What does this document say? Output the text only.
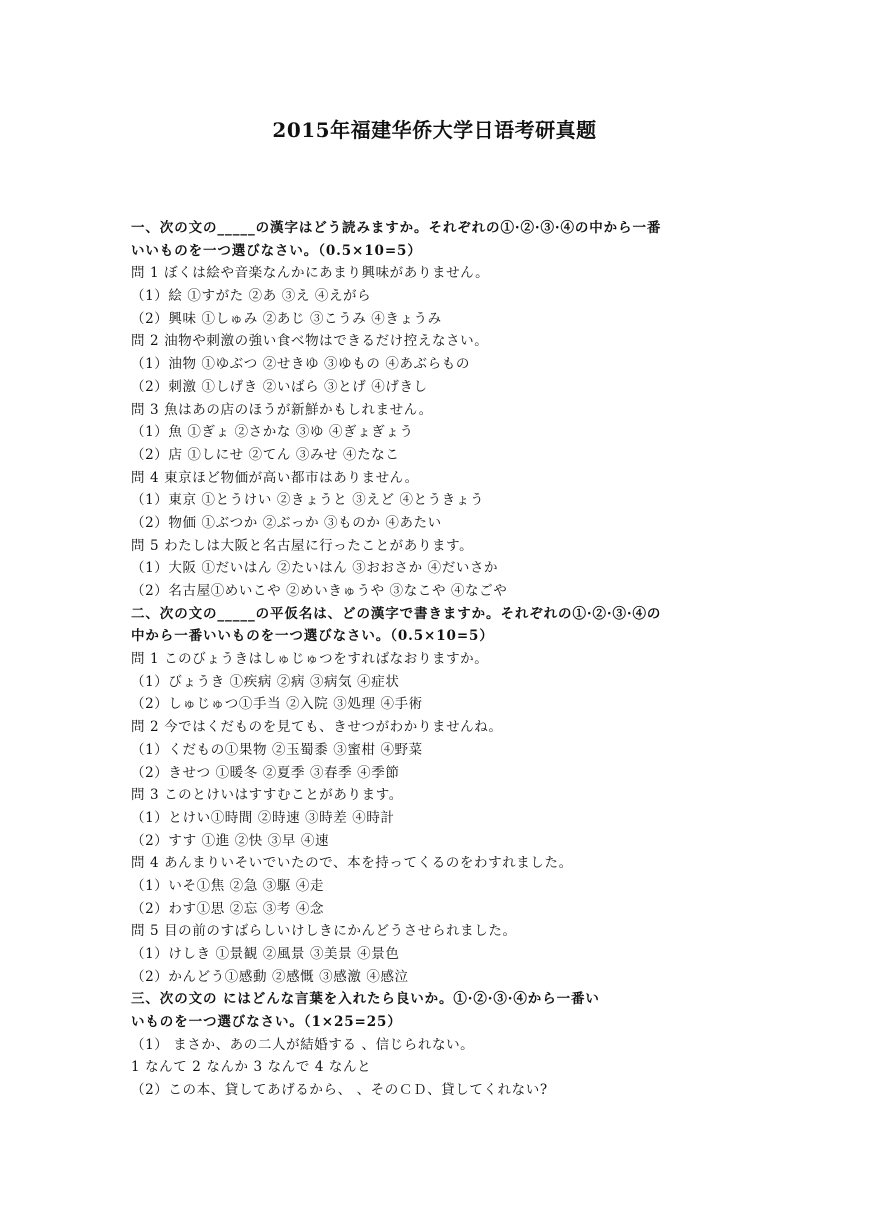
2015年福建华侨大学日语考研真题
一、次の文の_____の漢字はどう読みますか。それぞれの①·②·③·④の中から一番
いいものを一つ選びなさい。（0.5×10=5）
問 1 ぼくは絵や音楽なんかにあまり興味がありません。
（1）絵 ①すがた ②あ ③え ④えがら
（2）興味 ①しゅみ ②あじ ③こうみ ④きょうみ
問 2 油物や刺激の強い食べ物はできるだけ控えなさい。
（1）油物 ①ゆぶつ ②せきゆ ③ゆもの ④あぶらもの
（2）刺激 ①しげき ②いばら ③とげ ④げきし
問 3 魚はあの店のほうが新鮮かもしれません。
（1）魚 ①ぎょ ②さかな ③ゆ ④ぎょぎょう
（2）店 ①しにせ ②てん ③みせ ④たなこ
問 4 東京ほど物価が高い都市はありません。
（1）東京 ①とうけい ②きょうと ③えど ④とうきょう
（2）物価 ①ぶつか ②ぶっか ③ものか ④あたい
問 5 わたしは大阪と名古屋に行ったことがあります。
（1）大阪 ①だいはん ②たいはん ③おおさか ④だいさか
（2）名古屋①めいこや ②めいきゅうや ③なこや ④なごや
二、次の文の_____の平仮名は、どの漢字で書きますか。それぞれの①·②·③·④の
中から一番いいものを一つ選びなさい。（0.5×10=5）
問 1 このびょうきはしゅじゅつをすればなおりますか。
（1）びょうき ①疾病 ②病 ③病気 ④症状
（2）しゅじゅつ①手当 ②入院 ③処理 ④手術
問 2 今ではくだものを見ても、きせつがわかりませんね。
（1）くだもの①果物 ②玉蜀黍 ③蜜柑 ④野菜
（2）きせつ ①暖冬 ②夏季 ③春季 ④季節
問 3 このとけいはすすむことがあります。
（1）とけい①時間 ②時速 ③時差 ④時計
（2）すす ①進 ②快 ③早 ④速
問 4 あんまりいそいでいたので、本を持ってくるのをわすれました。
（1）いそ①焦 ②急 ③駆 ④走
（2）わす①思 ②忘 ③考 ④念
問 5 目の前のすばらしいけしきにかんどうさせられました。
（1）けしき ①景観 ②風景 ③美景 ④景色
（2）かんどう①感動 ②感慨 ③感激 ④感泣
三、次の文の にはどんな言葉を入れたら良いか。①·②·③·④から一番い
いものを一つ選びなさい。（1×25=25）
（1） まさか、あの二人が結婚する 、信じられない。
1 なんて 2 なんか 3 なんで 4 なんと
（2）この本、貸してあげるから、 、そのＣＤ、貸してくれない?
